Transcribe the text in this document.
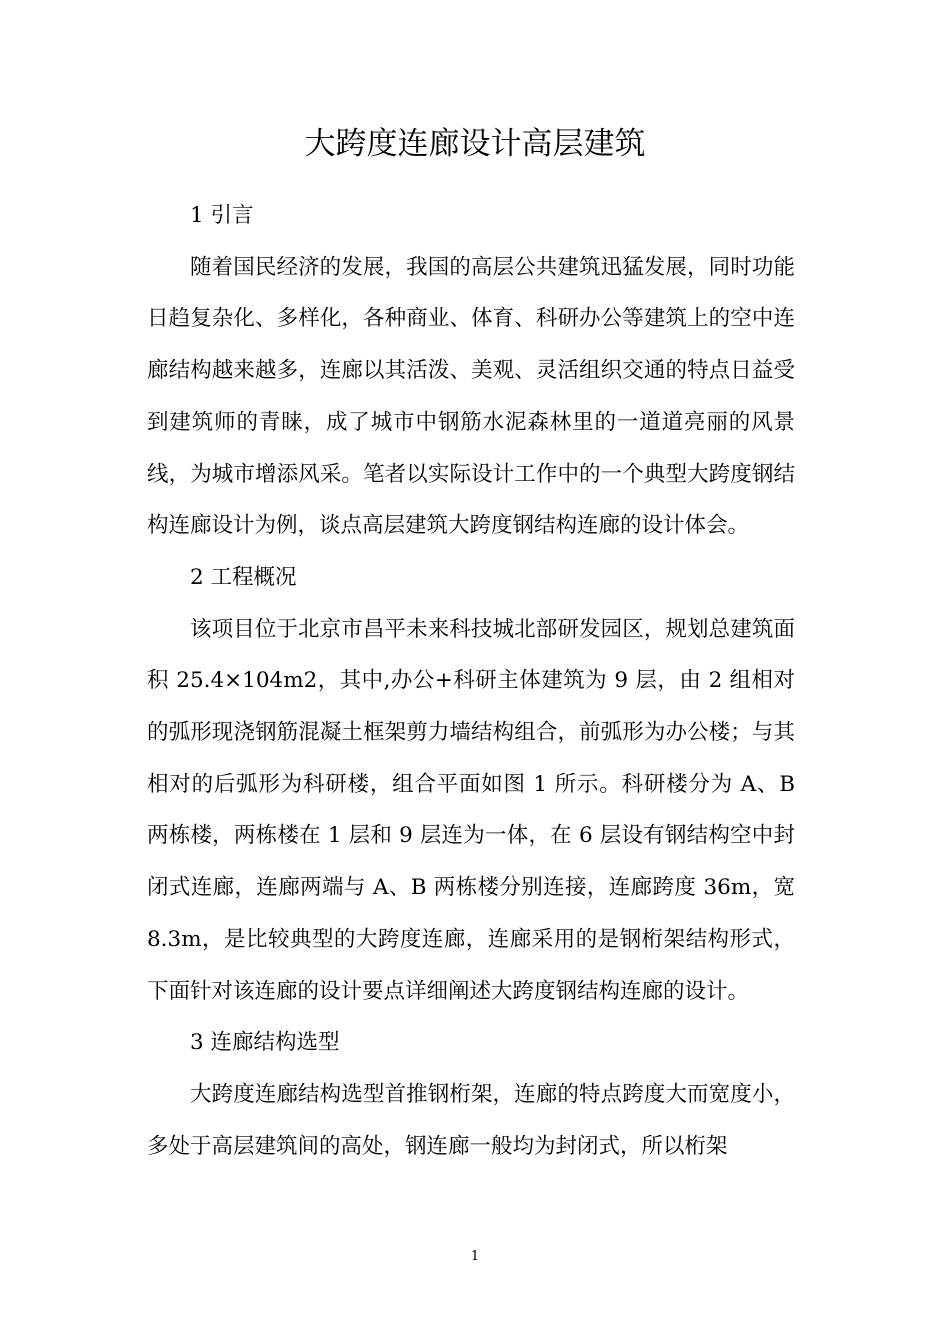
大跨度连廊设计高层建筑

1 引言

随着国民经济的发展，我国的高层公共建筑迅猛发展，同时功能日趋复杂化、多样化，各种商业、体育、科研办公等建筑上的空中连廊结构越来越多，连廊以其活泼、美观、灵活组织交通的特点日益受到建筑师的青睐，成了城市中钢筋水泥森林里的一道道亮丽的风景线，为城市增添风采。笔者以实际设计工作中的一个典型大跨度钢结构连廊设计为例，谈点高层建筑大跨度钢结构连廊的设计体会。

2 工程概况

该项目位于北京市昌平未来科技城北部研发园区，规划总建筑面积 25.4×104m2，其中,办公+科研主体建筑为 9 层，由 2 组相对的弧形现浇钢筋混凝土框架剪力墙结构组合，前弧形为办公楼；与其相对的后弧形为科研楼，组合平面如图 1 所示。科研楼分为 A、B 两栋楼，两栋楼在 1 层和 9 层连为一体，在 6 层设有钢结构空中封闭式连廊，连廊两端与 A、B 两栋楼分别连接，连廊跨度 36m，宽 8.3m，是比较典型的大跨度连廊，连廊采用的是钢桁架结构形式，下面针对该连廊的设计要点详细阐述大跨度钢结构连廊的设计。

3 连廊结构选型

大跨度连廊结构选型首推钢桁架，连廊的特点跨度大而宽度小，多处于高层建筑间的高处，钢连廊一般均为封闭式，所以桁架

1
